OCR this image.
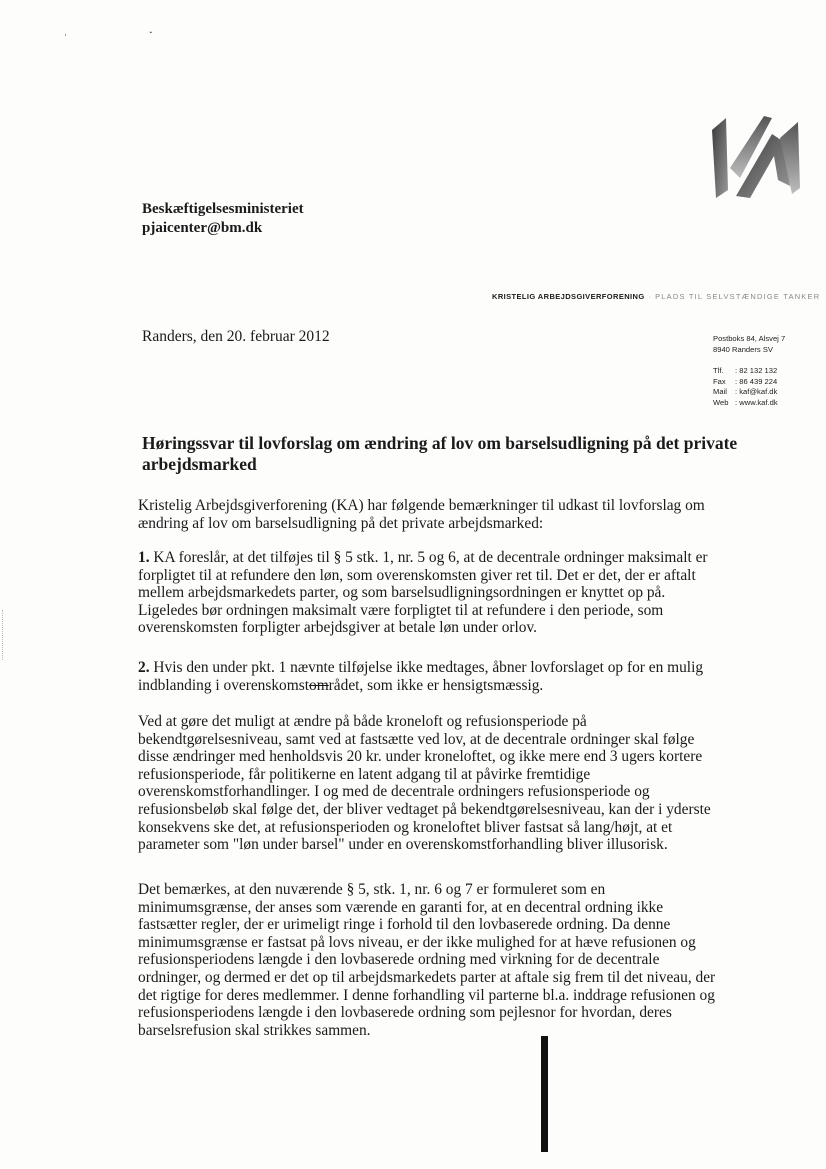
· ˇ
Beskæftigelsesministeriet
pjaicenter@bm.dk
KRISTELIG ARBEJDSGIVERFORENING · PLADS TIL SELVSTÆNDIGE TANKER
Randers, den 20. februar 2012	Postboks 84, Alsvej 7
8940 Randers SV
Tlf. : 82 132 132
Fax : 86 439 224
Mail : kaf@kaf.dk
Web : www.kaf.dk
Høringssvar til lovforslag om ændring af lov om barselsudligning på det private arbejdsmarked

Kristelig Arbejdsgiverforening (KA) har følgende bemærkninger til udkast til lovforslag om

ændring af lov om barselsudligning på det private arbejdsmarked:

1. KA foreslår, at det tilføjes til § 5 stk. 1, nr. 5 og 6, at de decentrale ordninger maksimalt er

forpligtet til at refundere den løn, som overenskomsten giver ret til. Det er det, der er aftalt

mellem arbejdsmarkedets parter, og som barselsudligningsordningen er knyttet op på.

Ligeledes bør ordningen maksimalt være forpligtet til at refundere i den periode, som

overenskomsten forpligter arbejdsgiver at betale løn under orlov.

2. Hvis den under pkt. 1 nævnte tilføjelse ikke medtages, åbner lovforslaget op for en mulig

indblanding i overenskomstområdet, som ikke er hensigtsmæssig.

Ved at gøre det muligt at ændre på både kroneloft og refusionsperiode på

bekendtgørelsesniveau, samt ved at fastsætte ved lov, at de decentrale ordninger skal følge

disse ændringer med henholdsvis 20 kr. under kroneloftet, og ikke mere end 3 ugers kortere

refusionsperiode, får politikerne en latent adgang til at påvirke fremtidige

overenskomstforhandlinger. I og med de decentrale ordningers refusionsperiode og

refusionsbeløb skal følge det, der bliver vedtaget på bekendtgørelsesniveau, kan der i yderste

konsekvens ske det, at refusionsperioden og kroneloftet bliver fastsat så lang/højt, at et

parameter som "løn under barsel" under en overenskomstforhandling bliver illusorisk.

Det bemærkes, at den nuværende § 5, stk. 1, nr. 6 og 7 er formuleret som en

minimumsgrænse, der anses som værende en garanti for, at en decentral ordning ikke

fastsætter regler, der er urimeligt ringe i forhold til den lovbaserede ordning. Da denne

minimumsgrænse er fastsat på lovs niveau, er der ikke mulighed for at hæve refusionen og

refusionsperiodens længde i den lovbaserede ordning med virkning for de decentrale

ordninger, og dermed er det op til arbejdsmarkedets parter at aftale sig frem til det niveau, der

det rigtige for deres medlemmer. I denne forhandling vil parterne bl.a. inddrage refusionen og

refusionsperiodens længde i den lovbaserede ordning som pejlesnor for hvordan, deres

barselsrefusion skal strikkes sammen.
